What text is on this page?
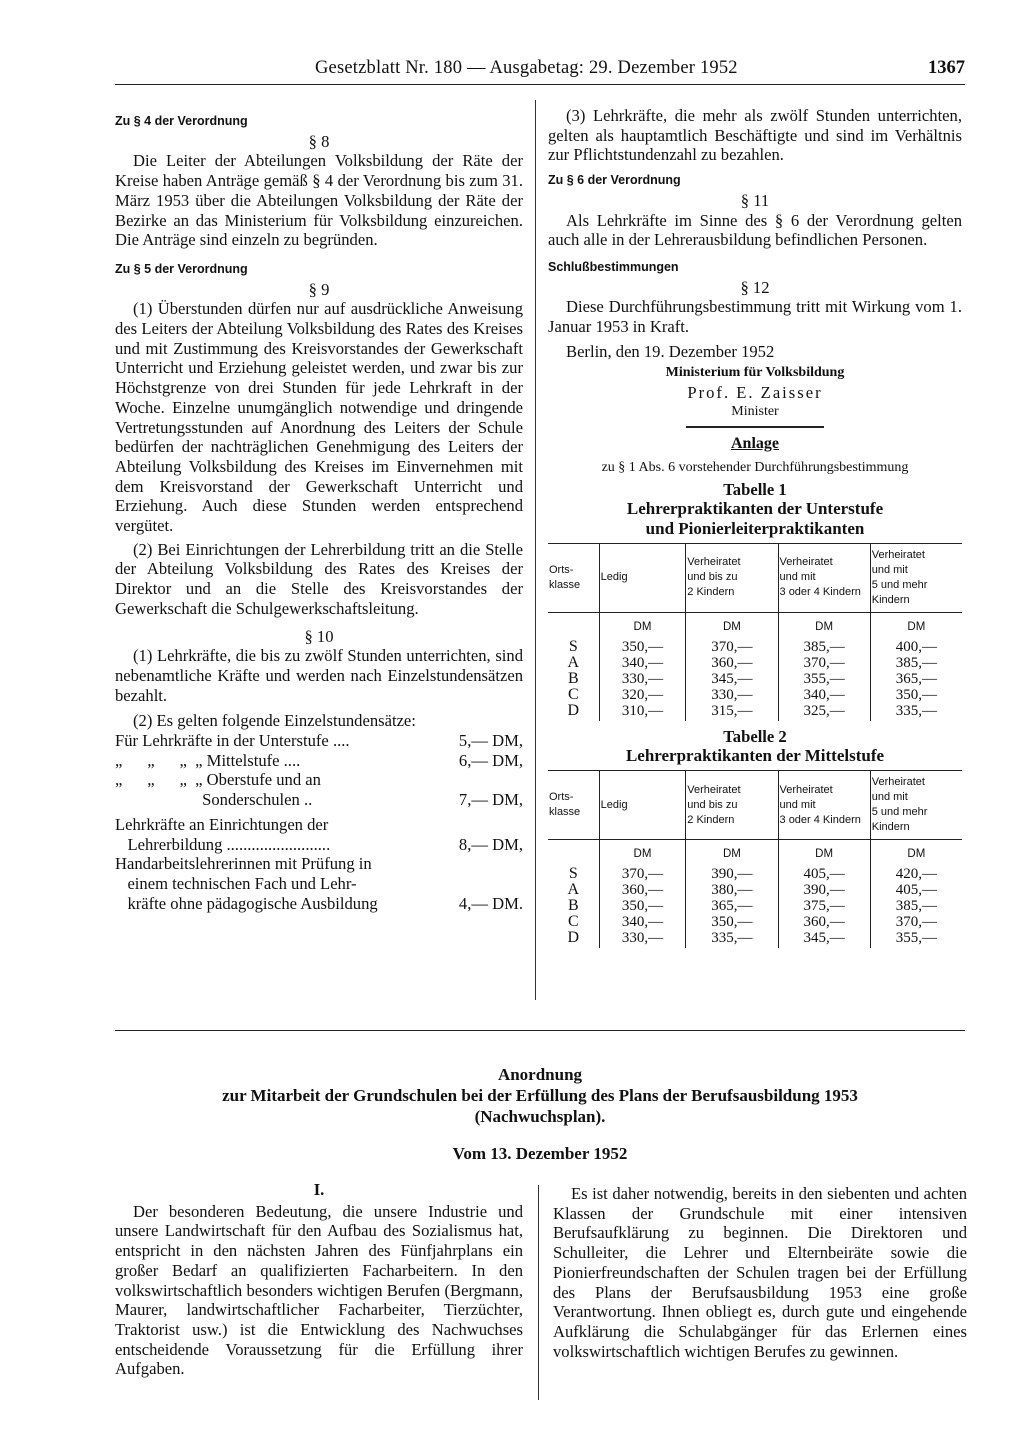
Gesetzblatt Nr. 180 — Ausgabetag: 29. Dezember 1952	1367

Zu § 4 der Verordnung

§ 8

Die Leiter der Abteilungen Volksbildung der Räte der Kreise haben Anträge gemäß § 4 der Verordnung bis zum 31. März 1953 über die Abteilungen Volksbildung der Räte der Bezirke an das Ministerium für Volksbildung einzureichen. Die Anträge sind einzeln zu begründen.

Zu § 5 der Verordnung

§ 9

(1) Überstunden dürfen nur auf ausdrückliche Anweisung des Leiters der Abteilung Volksbildung des Rates des Kreises und mit Zustimmung des Kreisvorstandes der Gewerkschaft Unterricht und Erziehung geleistet werden, und zwar bis zur Höchstgrenze von drei Stunden für jede Lehrkraft in der Woche. Einzelne unumgänglich notwendige und dringende Vertretungsstunden auf Anordnung des Leiters der Schule bedürfen der nachträglichen Genehmigung des Leiters der Abteilung Volksbildung des Kreises im Einvernehmen mit dem Kreisvorstand der Gewerkschaft Unterricht und Erziehung. Auch diese Stunden werden entsprechend vergütet.

(2) Bei Einrichtungen der Lehrerbildung tritt an die Stelle der Abteilung Volksbildung des Rates des Kreises der Direktor und an die Stelle des Kreisvorstandes der Gewerkschaft die Schulgewerkschaftsleitung.

§ 10

(1) Lehrkräfte, die bis zu zwölf Stunden unterrichten, sind nebenamtliche Kräfte und werden nach Einzelstundensätzen bezahlt.

(2) Es gelten folgende Einzelstundensätze:

Für Lehrkräfte in der Unterstufe ....	5,— DM,
„      „      „  „ Mittelstufe ....	6,— DM,
„      „      „  „ Oberstufe und an
Sonderschulen ..	7,— DM,
Lehrkräfte an Einrichtungen der
Lehrerbildung .........................	8,— DM,
Handarbeitslehrerinnen mit Prüfung in
einem technischen Fach und Lehr-
kräfte ohne pädagogische Ausbildung	4,— DM.

(3) Lehrkräfte, die mehr als zwölf Stunden unterrichten, gelten als hauptamtlich Beschäftigte und sind im Verhältnis zur Pflichtstundenzahl zu bezahlen.

Zu § 6 der Verordnung

§ 11

Als Lehrkräfte im Sinne des § 6 der Verordnung gelten auch alle in der Lehrerausbildung befindlichen Personen.

Schlußbestimmungen

§ 12

Diese Durchführungsbestimmung tritt mit Wirkung vom 1. Januar 1953 in Kraft.

Berlin, den 19. Dezember 1952

Ministerium für Volksbildung

Prof. E. Zaisser

Minister

Anlage

zu § 1 Abs. 6 vorstehender Durchführungsbestimmung

Tabelle 1

Lehrerpraktikanten der Unterstufe

und Pionierleiterpraktikanten

Orts-
klasse	Ledig	Verheiratet
und bis zu
2 Kindern	Verheiratet
und mit
3 oder 4 Kindern	Verheiratet
und mit
5 und mehr
Kindern
	DM	DM	DM	DM
S	350,—	370,—	385,—	400,—
A	340,—	360,—	370,—	385,—
B	330,—	345,—	355,—	365,—
C	320,—	330,—	340,—	350,—
D	310,—	315,—	325,—	335,—

Tabelle 2

Lehrerpraktikanten der Mittelstufe

Orts-
klasse	Ledig	Verheiratet
und bis zu
2 Kindern	Verheiratet
und mit
3 oder 4 Kindern	Verheiratet
und mit
5 und mehr
Kindern
	DM	DM	DM	DM
S	370,—	390,—	405,—	420,—
A	360,—	380,—	390,—	405,—
B	350,—	365,—	375,—	385,—
C	340,—	350,—	360,—	370,—
D	330,—	335,—	345,—	355,—
Anordnung
zur Mitarbeit der Grundschulen bei der Erfüllung des Plans der Berufsausbildung 1953
(Nachwuchsplan).
Vom 13. Dezember 1952

I.

Der besonderen Bedeutung, die unsere Industrie und unsere Landwirtschaft für den Aufbau des Sozialismus hat, entspricht in den nächsten Jahren des Fünfjahrplans ein großer Bedarf an qualifizierten Facharbeitern. In den volkswirtschaftlich besonders wichtigen Berufen (Bergmann, Maurer, landwirtschaftlicher Facharbeiter, Tierzüchter, Traktorist usw.) ist die Entwicklung des Nachwuchses entscheidende Voraussetzung für die Erfüllung ihrer Aufgaben.

Es ist daher notwendig, bereits in den siebenten und achten Klassen der Grundschule mit einer intensiven Berufsaufklärung zu beginnen. Die Direktoren und Schulleiter, die Lehrer und Elternbeiräte sowie die Pionierfreundschaften der Schulen tragen bei der Erfüllung des Plans der Berufsausbildung 1953 eine große Verantwortung. Ihnen obliegt es, durch gute und eingehende Aufklärung die Schulabgänger für das Erlernen eines volkswirtschaftlich wichtigen Berufes zu gewinnen.
